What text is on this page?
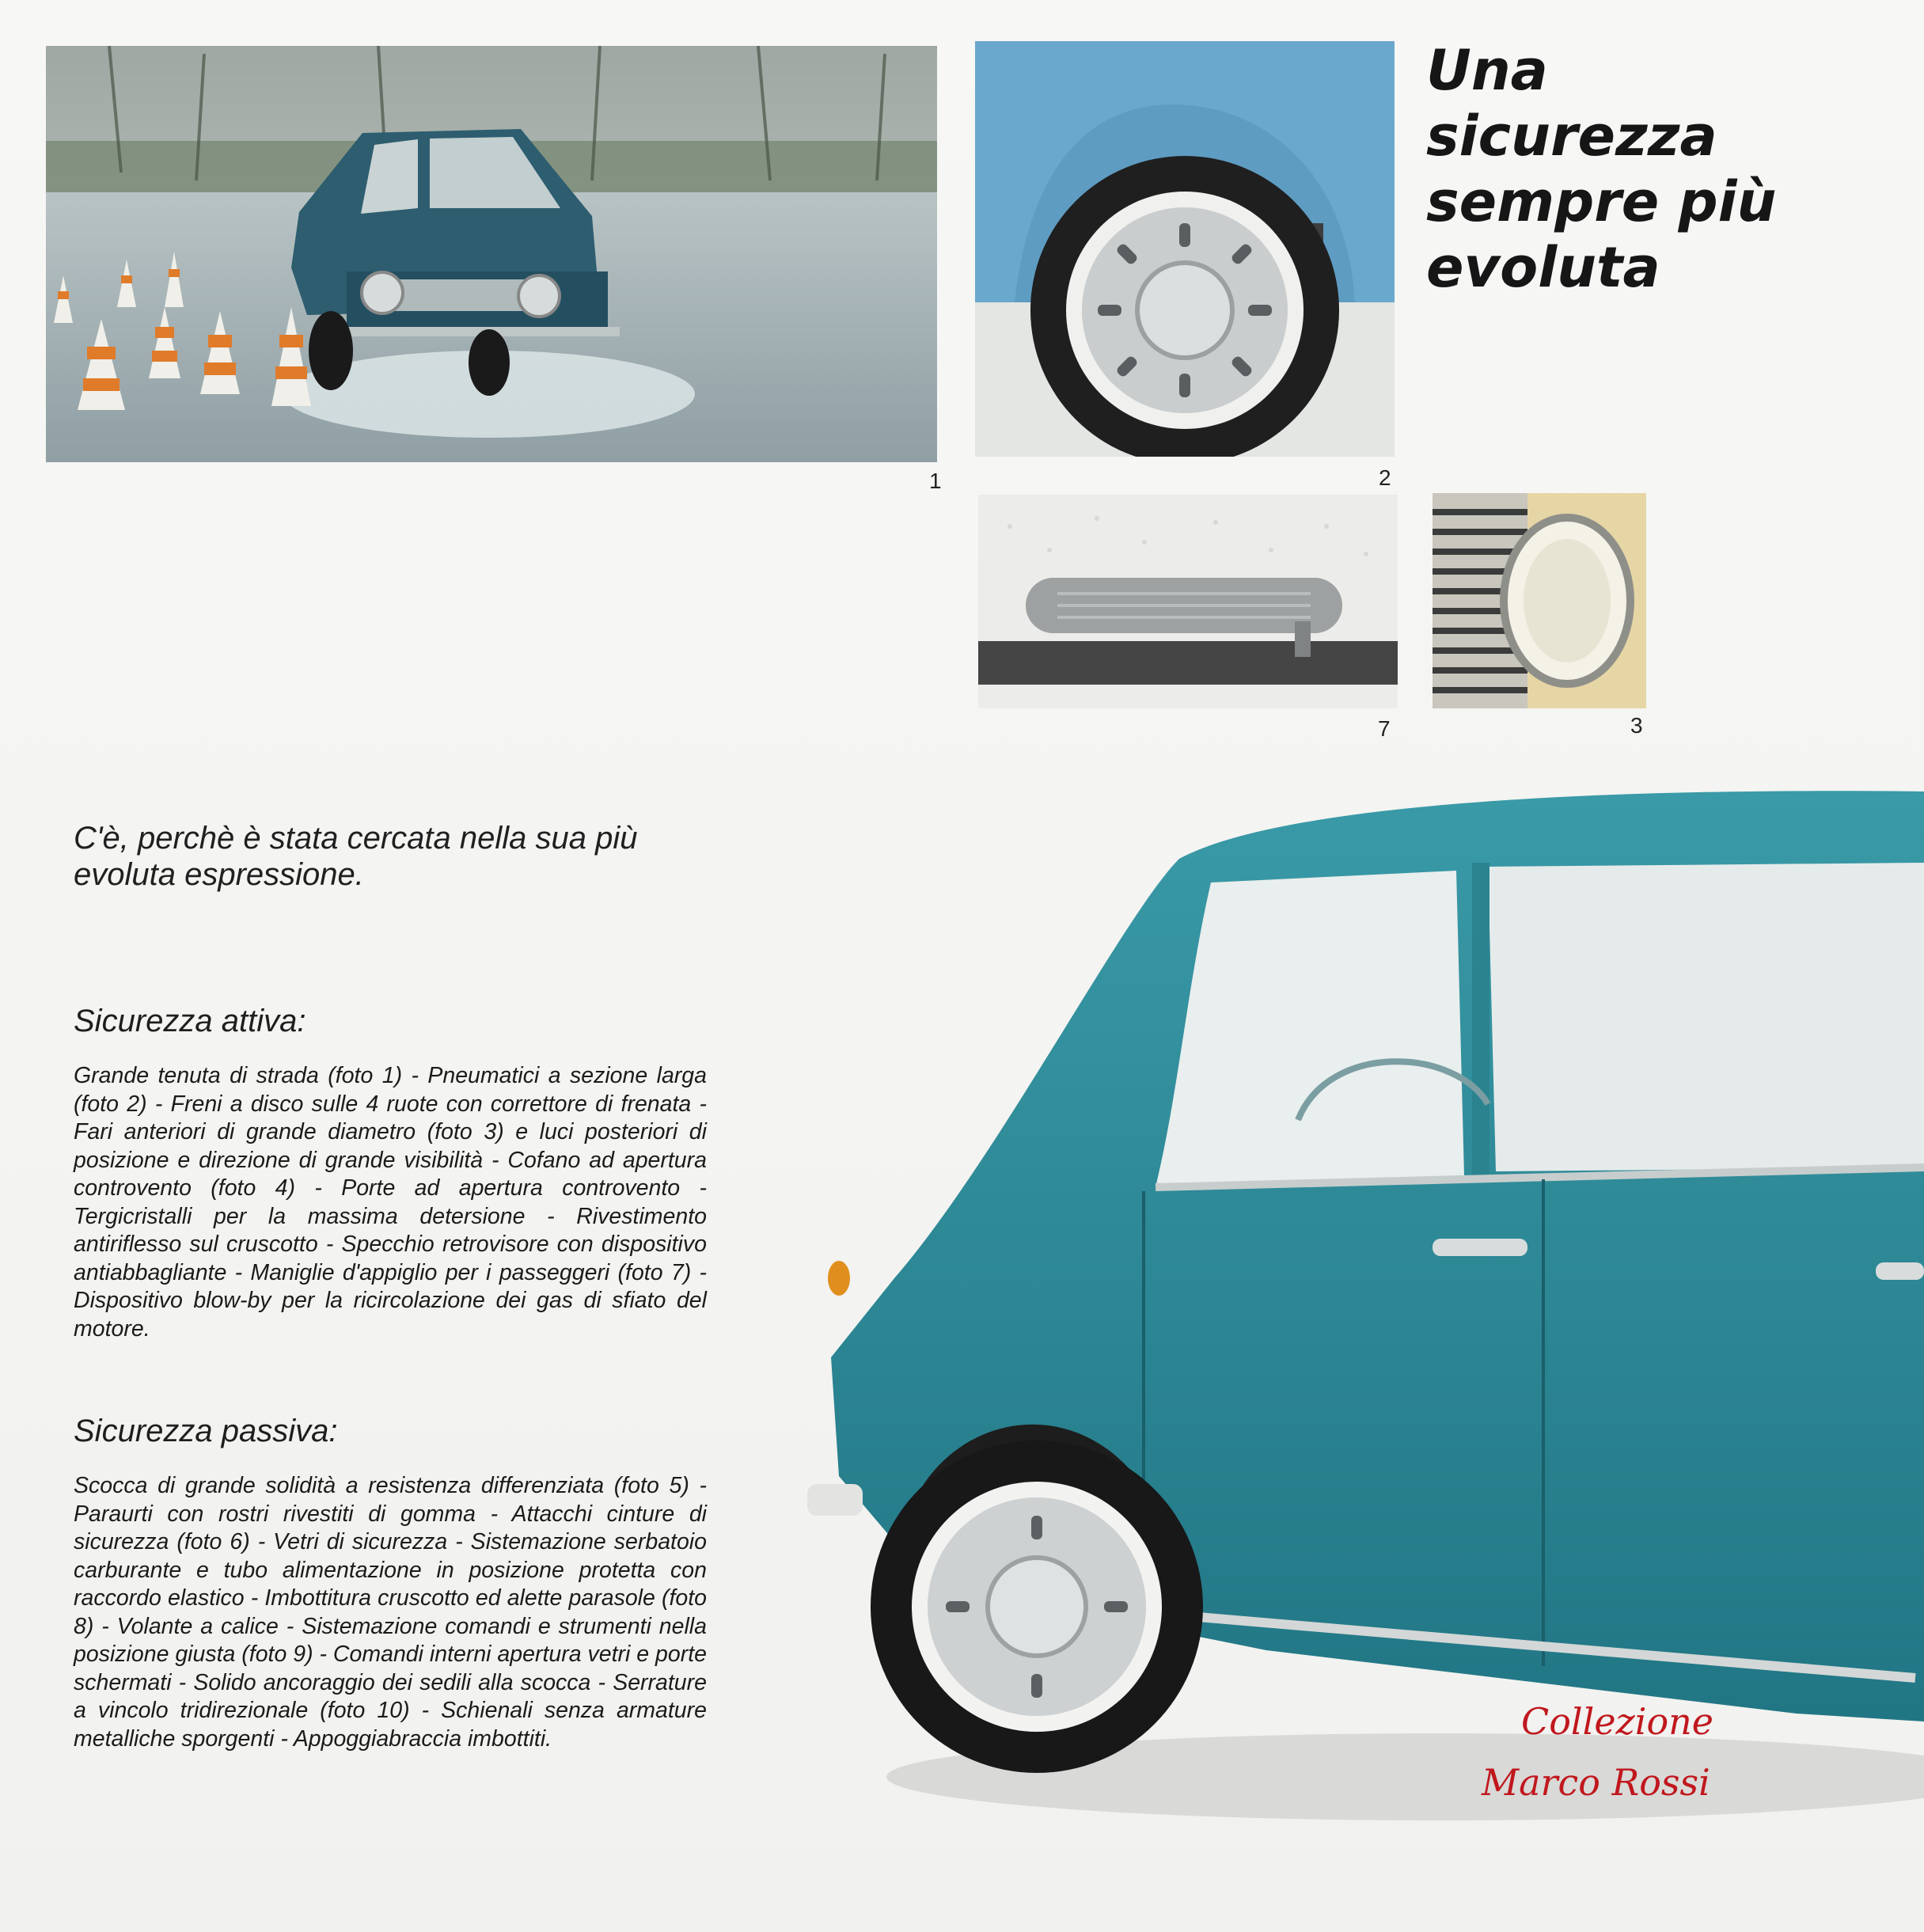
1	2
7	3
Una
sicurezza
sempre più
evoluta
C'è, perchè è stata cercata nella sua più evoluta espressione.
Sicurezza attiva:
Grande tenuta di strada (foto 1) - Pneumatici a sezione larga (foto 2) - Freni a disco sulle 4 ruote con correttore di frenata - Fari anteriori di grande diametro (foto 3) e luci posteriori di posizione e direzione di grande visibilità - Cofano ad apertura controvento (foto 4) - Porte ad apertura controvento - Tergicristalli per la massima detersione - Rivestimento antiriflesso sul cruscotto - Specchio retrovisore con dispositivo antiabbagliante - Maniglie d'appiglio per i passeggeri (foto 7) - Dispositivo blow-by per la ricircolazione dei gas di sfiato del motore.
Sicurezza passiva:
Scocca di grande solidità a resistenza differenziata (foto 5) - Paraurti con rostri rivestiti di gomma - Attacchi cinture di sicurezza (foto 6) - Vetri di sicurezza - Sistemazione serbatoio carburante e tubo alimentazione in posizione protetta con raccordo elastico - Imbottitura cruscotto ed alette parasole (foto 8) - Volante a calice - Sistemazione comandi e strumenti nella posizione giusta (foto 9) - Comandi interni apertura vetri e porte schermati - Solido ancoraggio dei sedili alla scocca - Serrature a vincolo tridirezionale (foto 10) - Schienali senza armature metalliche sporgenti - Appoggiabraccia imbottiti.	Collezione
Marco Rossi
